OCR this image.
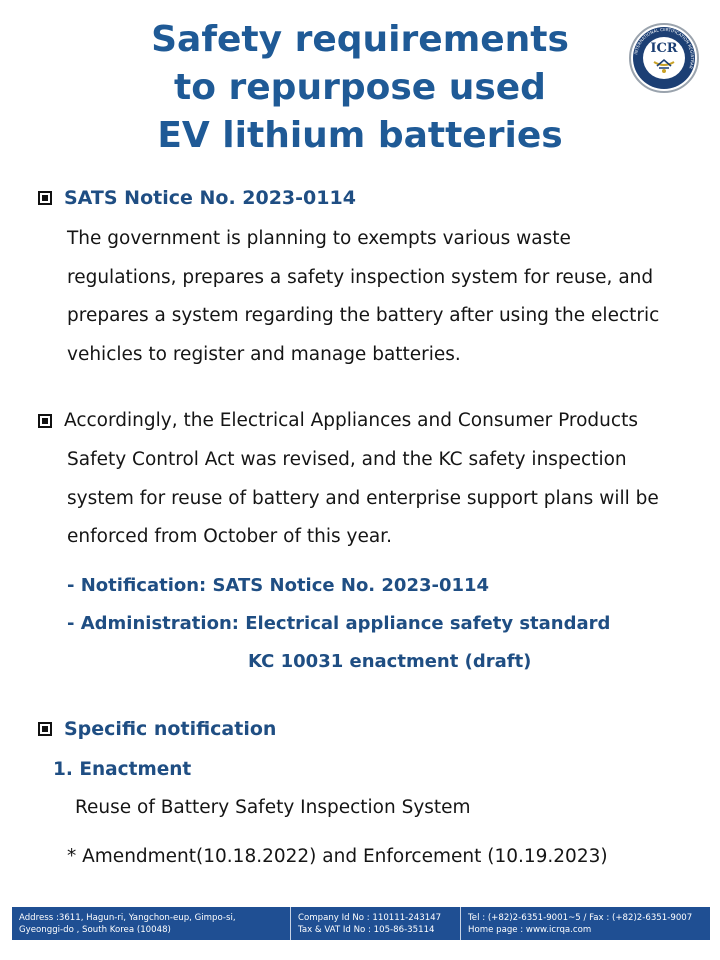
Safety requirements
to repurpose used
EV lithium batteries
INTERNATIONAL CERTIFICATION REGISTRAR
ICR
SATS Notice No. 2023-0114
The government is planning to exempts various waste
regulations, prepares a safety inspection system for reuse, and
prepares a system regarding the battery after using the electric
vehicles to register and manage batteries.
Accordingly, the Electrical Appliances and Consumer Products
Safety Control Act was revised, and the KC safety inspection
system for reuse of battery and enterprise support plans will be
enforced from October of this year.
- Notification: SATS Notice No. 2023-0114
- Administration: Electrical appliance safety standard
KC 10031 enactment (draft)
Specific notification
1. Enactment
Reuse of Battery Safety Inspection System
* Amendment(10.18.2022) and Enforcement (10.19.2023)
Address :3611, Hagun-ri, Yangchon-eup, Gimpo-si,
Gyeonggi-do , South Korea (10048)
Company Id No : 110111-243147
Tax & VAT Id No : 105-86-35114
Tel : (+82)2-6351-9001~5 / Fax : (+82)2-6351-9007
Home page : www.icrqa.com
